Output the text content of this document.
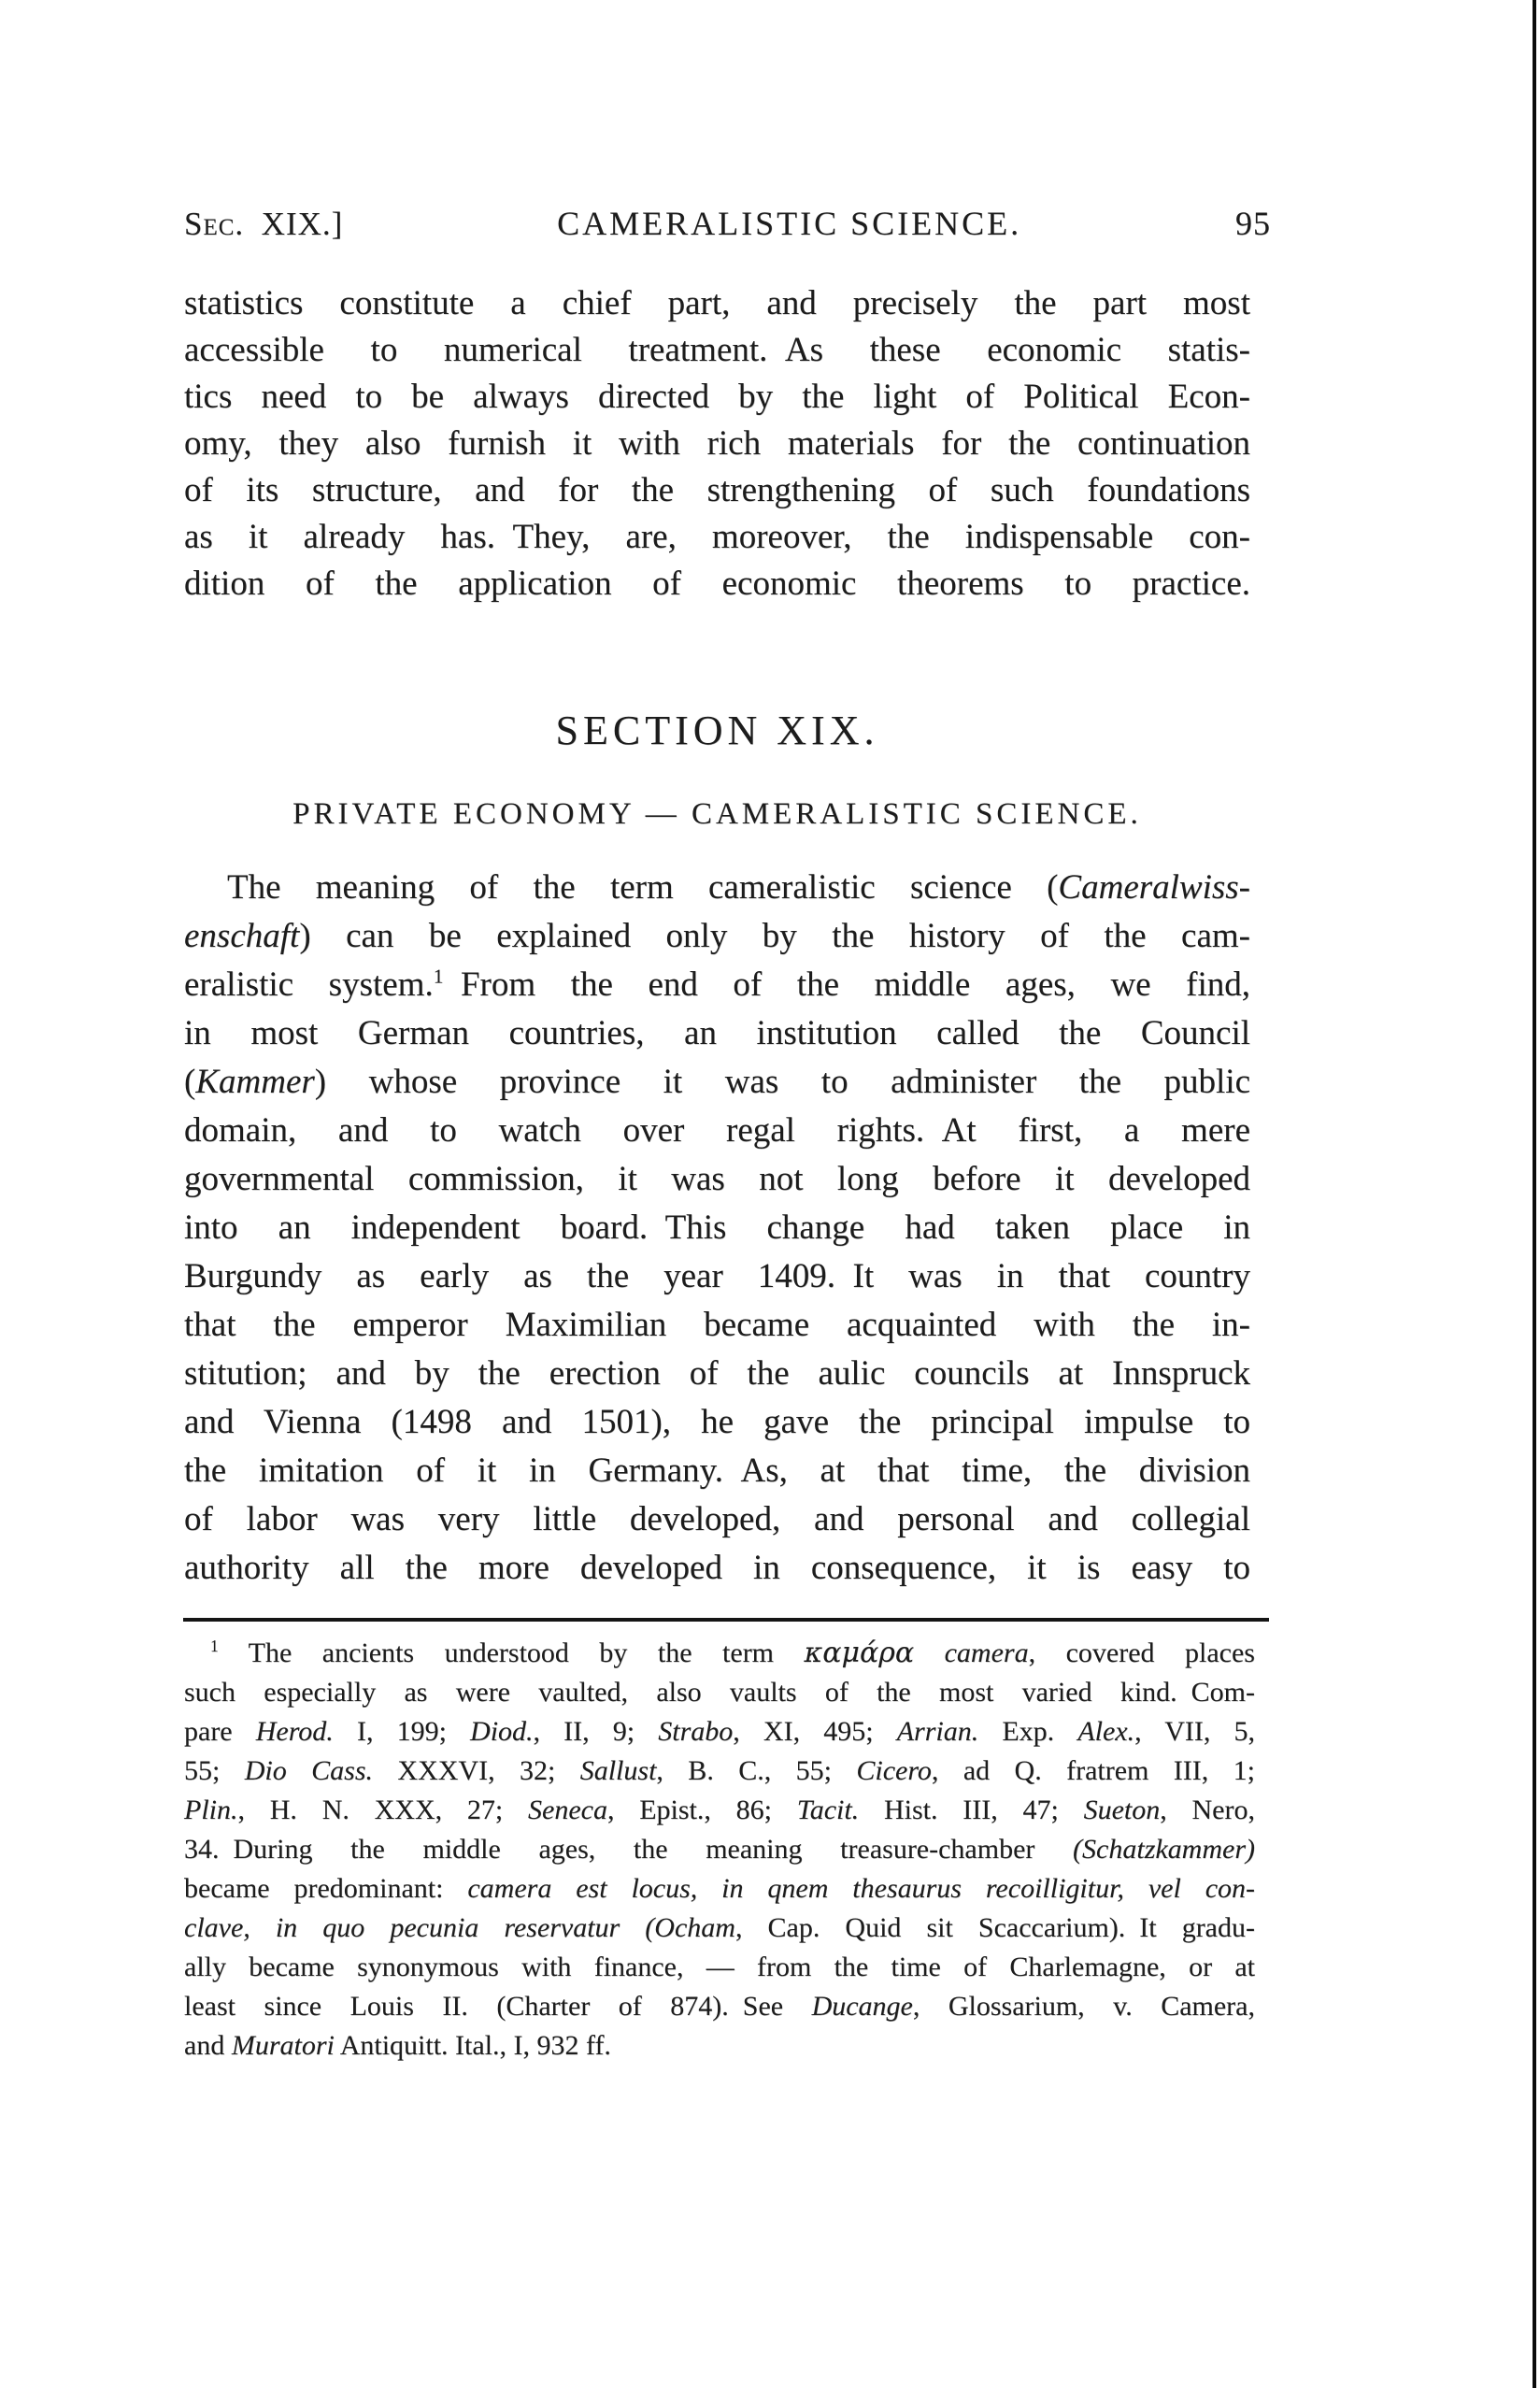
Sec. XIX.]	CAMERALISTIC SCIENCE.	95
statistics constitute a chief part, and precisely the part most
accessible to numerical treatment. As these economic statis-
tics need to be always directed by the light of Political Econ-
omy, they also furnish it with rich materials for the continuation
of its structure, and for the strengthening of such foundations
as it already has. They, are, moreover, the indispensable con-
dition of the application of economic theorems to practice.
SECTION XIX.
PRIVATE ECONOMY — CAMERALISTIC SCIENCE.
The meaning of the term cameralistic science (Cameralwiss-
enschaft) can be explained only by the history of the cam-
eralistic system.$^1$ From the end of the middle ages, we find,
in most German countries, an institution called the Council
(Kammer) whose province it was to administer the public
domain, and to watch over regal rights. At first, a mere
governmental commission, it was not long before it developed
into an independent board. This change had taken place in
Burgundy as early as the year 1409. It was in that country
that the emperor Maximilian became acquainted with the in-
stitution; and by the erection of the aulic councils at Innspruck
and Vienna (1498 and 1501), he gave the principal impulse to
the imitation of it in Germany. As, at that time, the division
of labor was very little developed, and personal and collegial
authority all the more developed in consequence, it is easy to
$^1$ The ancients understood by the term καμάρα camera, covered places
such especially as were vaulted, also vaults of the most varied kind. Com-
pare Herod. I, 199; Diod., II, 9; Strabo, XI, 495; Arrian. Exp. Alex., VII, 5,
55; Dio Cass. XXXVI, 32; Sallust, B. C., 55; Cicero, ad Q. fratrem III, 1;
Plin., H. N. XXX, 27; Seneca, Epist., 86; Tacit. Hist. III, 47; Sueton, Nero,
34. During the middle ages, the meaning treasure-chamber (Schatzkammer)
became predominant: camera est locus, in qnem thesaurus recoilligitur, vel con-
clave, in quo pecunia reservatur (Ocham, Cap. Quid sit Scaccarium). It gradu-
ally became synonymous with finance, — from the time of Charlemagne, or at
least since Louis II. (Charter of 874). See Ducange, Glossarium, v. Camera,
and Muratori Antiquitt. Ital., I, 932 ff.
